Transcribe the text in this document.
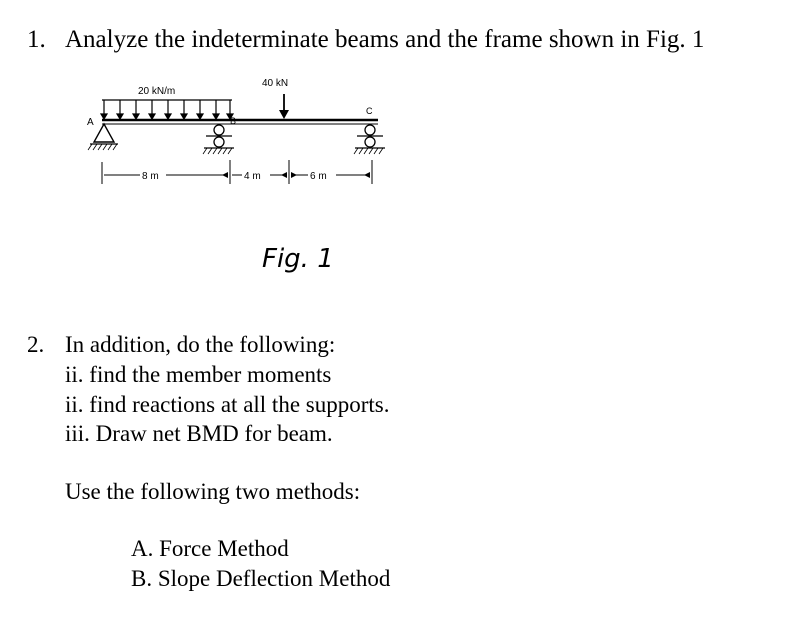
1. Analyze the indeterminate beams and the frame shown in Fig. 1
20 kN/m
40 kN
A	B
C
8 m	4 m	6 m
Fig. 1
2. In addition, do the following:
ii. find the member moments
ii. find reactions at all the supports.
iii. Draw net BMD for beam.
Use the following two methods:
A. Force Method
B. Slope Deflection Method
